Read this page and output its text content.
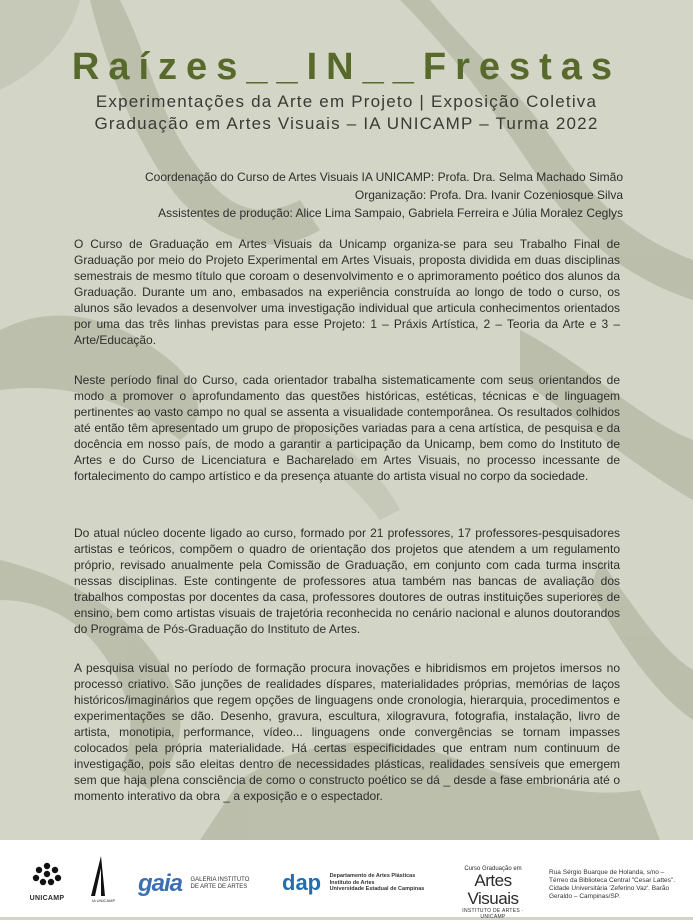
Raízes__IN__Frestas
Experimentações da Arte em Projeto | Exposição Coletiva
Graduação em Artes Visuais – IA UNICAMP – Turma 2022
Coordenação do Curso de Artes Visuais IA UNICAMP: Profa. Dra. Selma Machado Simão
Organização: Profa. Dra. Ivanir Cozeniosque Silva
Assistentes de produção: Alice Lima Sampaio, Gabriela Ferreira e Júlia Moralez Ceglys
O Curso de Graduação em Artes Visuais da Unicamp organiza-se para seu Trabalho Final de Graduação por meio do Projeto Experimental em Artes Visuais, proposta dividida em duas disciplinas semestrais de mesmo título que coroam o desenvolvimento e o aprimoramento poético dos alunos da Graduação. Durante um ano, embasados na experiência construída ao longo de todo o curso, os alunos são levados a desenvolver uma investigação individual que articula conhecimentos orientados por uma das três linhas previstas para esse Projeto: 1 – Práxis Artística, 2 – Teoria da Arte e 3 – Arte/Educação.
Neste período final do Curso, cada orientador trabalha sistematicamente com seus orientandos de modo a promover o aprofundamento das questões históricas, estéticas, técnicas e de linguagem pertinentes ao vasto campo no qual se assenta a visualidade contemporânea. Os resultados colhidos até então têm apresentado um grupo de proposições variadas para a cena artística, de pesquisa e da docência em nosso país, de modo a garantir a participação da Unicamp, bem como do Instituto de Artes e do Curso de Licenciatura e Bacharelado em Artes Visuais, no processo incessante de fortalecimento do campo artístico e da presença atuante do artista visual no corpo da sociedade.
Do atual núcleo docente ligado ao curso, formado por 21 professores, 17 professores-pesquisadores artistas e teóricos, compõem o quadro de orientação dos projetos que atendem a um regulamento próprio, revisado anualmente pela Comissão de Graduação, em conjunto com cada turma inscrita nessas disciplinas. Este contingente de professores atua também nas bancas de avaliação dos trabalhos compostas por docentes da casa, professores doutores de outras instituições superiores de ensino, bem como artistas visuais de trajetória reconhecida no cenário nacional e alunos doutorandos do Programa de Pós-Graduação do Instituto de Artes.
A pesquisa visual no período de formação procura inovações e hibridismos em projetos imersos no processo criativo. São junções de realidades díspares, materialidades próprias, memórias de laços históricos/imaginários que regem opções de linguagens onde cronologia, hierarquia, procedimentos e experimentações se dão. Desenho, gravura, escultura, xilogravura, fotografia, instalação, livro de artista, monotipia, performance, vídeo... linguagens onde convergências se tornam impasses colocados pela própria materialidade. Há certas especificidades que entram num continuum de investigação, pois são eleitas dentro de necessidades plásticas, realidades sensíveis que emergem sem que haja plena consciência de como o constructo poético se dá _ desde a fase embrionária até o momento interativo da obra _ a exposição e o espectador.
UNICAMP	IA UNICAMP
gaia GALERIA INSTITUTO
DE ARTE DE ARTES dap Departamento de Artes Plásticas
Instituto de Artes
Universidade Estadual de Campinas
Curso Graduação em
Artes Visuais
INSTITUTO DE ARTES · UNICAMP
Rua Sérgio Buarque de Holanda, s/no – Térreo da Biblioteca Central "Cesar Lattes". Cidade Universitária 'Zeferino Vaz'. Barão Geraldo – Campinas/SP.
